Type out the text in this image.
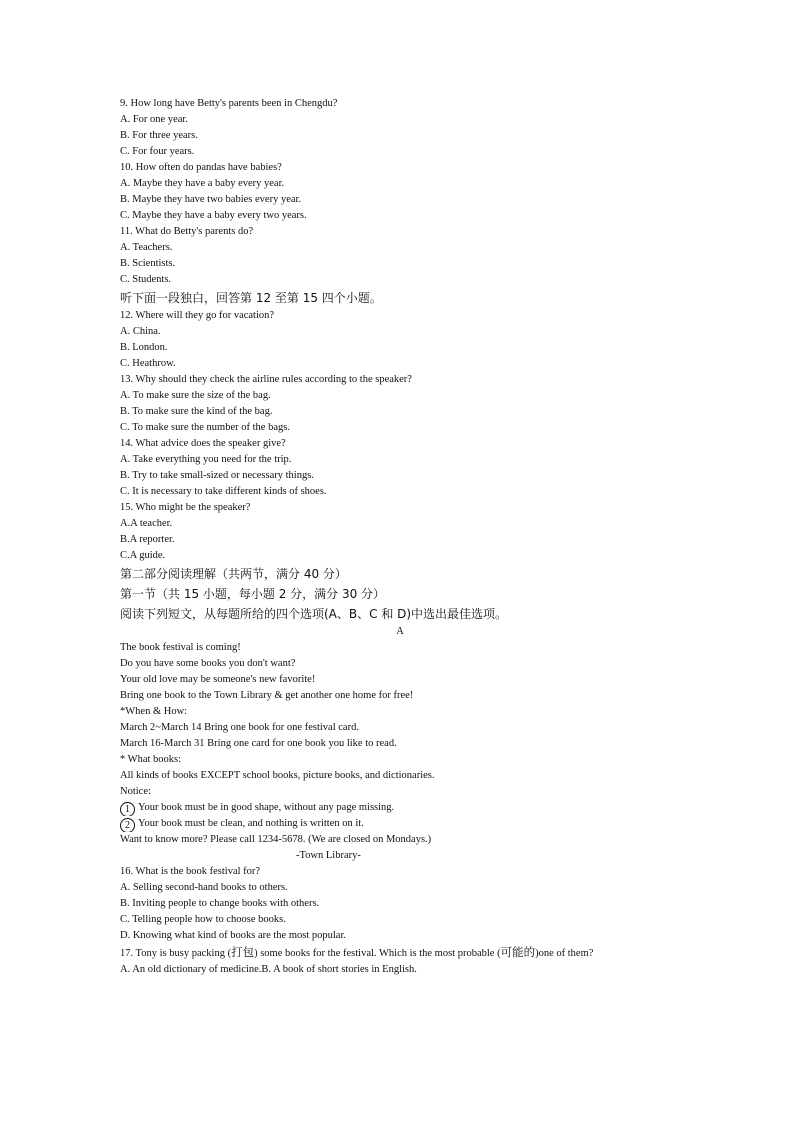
9. How long have Betty's parents been in Chengdu?
A. For one year.
B. For three years.
C. For four years.
10. How often do pandas have babies?
A. Maybe they have a baby every year.
B. Maybe they have two babies every year.
C. Maybe they have a baby every two years.
11. What do Betty's parents do?
A. Teachers.
B. Scientists.
C. Students.
听下面一段独白，回答第 12 至第 15 四个小题。
12. Where will they go for vacation?
A. China.
B. London.
C. Heathrow.
13. Why should they check the airline rules according to the speaker?
A. To make sure the size of the bag.
B. To make sure the kind of the bag.
C. To make sure the number of the bags.
14. What advice does the speaker give?
A. Take everything you need for the trip.
B. Try to take small-sized or necessary things.
C. It is necessary to take different kinds of shoes.
15. Who might be the speaker?
A.A teacher.
B.A reporter.
C.A guide.
第二部分阅读理解（共两节，满分 40 分）
第一节（共 15 小题，每小题 2 分，满分 30 分）
阅读下列短文，从每题所给的四个选项(A、B、C 和 D)中选出最佳选项。
A
The book festival is coming!
Do you have some books you don't want?
Your old love may be someone's new favorite!
Bring one book to the Town Library & get another one home for free!
*When & How:
March 2~March 14 Bring one book for one festival card.
March 16-March 31 Bring one card for one book you like to read.
* What books:
All kinds of books EXCEPT school books, picture books, and dictionaries.
Notice:
1 Your book must be in good shape, without any page missing.
2 Your book must be clean, and nothing is written on it.
Want to know more? Please call 1234-5678. (We are closed on Mondays.)
-Town Library-
16. What is the book festival for?
A. Selling second-hand books to others.
B. Inviting people to change books with others.
C. Telling people how to choose books.
D. Knowing what kind of books are the most popular.
17. Tony is busy packing (打包) some books for the festival. Which is the most probable (可能的)one of them?
A. An old dictionary of medicine.B. A book of short stories in English.
